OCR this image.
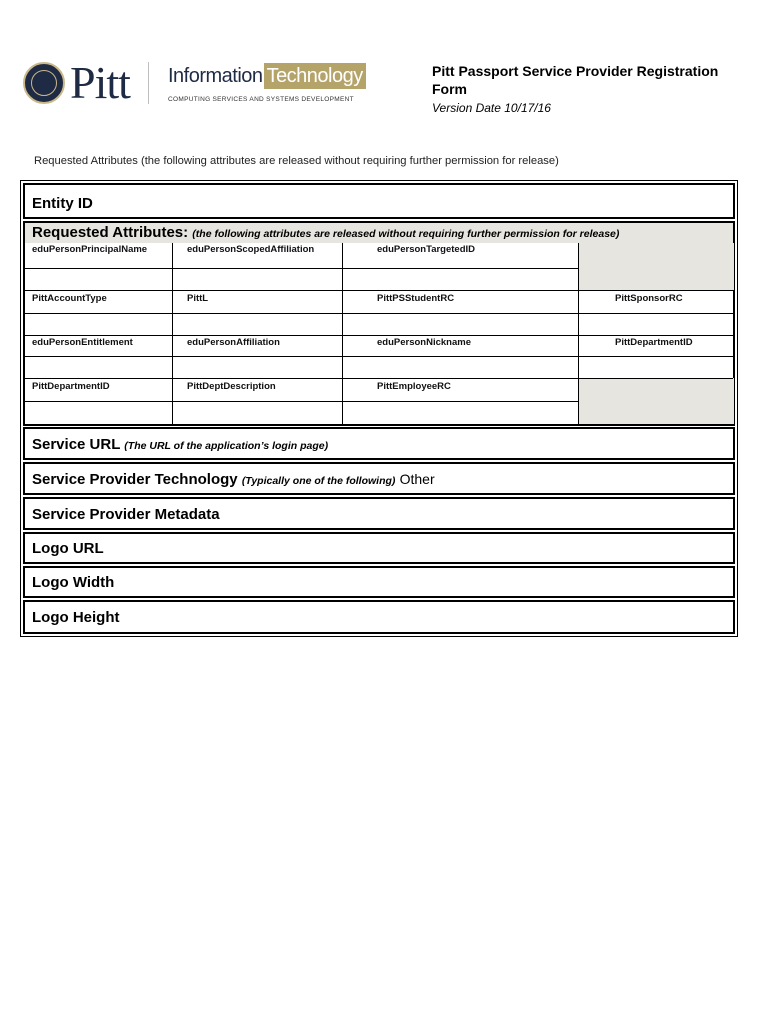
Pitt Information Technology
COMPUTING SERVICES AND SYSTEMS DEVELOPMENT
Pitt Passport Service Provider Registration Form
Version Date 10/17/16
Requested Attributes (the following attributes are released without requiring further permission for release)
Entity ID
Requested Attributes: (the following attributes are released without requiring further permission for release)
eduPersonPrincipalName	eduPersonScopedAffiliation	eduPersonTargetedID
PittAccountType	PittL	PittPSStudentRC	PittSponsorRC
eduPersonEntitlement	eduPersonAffiliation	eduPersonNickname	PittDepartmentID
PittDepartmentID	PittDeptDescription	PittEmployeeRC
Service URL (The URL of the application’s login page)
Service Provider Technology (Typically one of the following) Other
Service Provider Metadata
Logo URL
Logo Width
Logo Height
